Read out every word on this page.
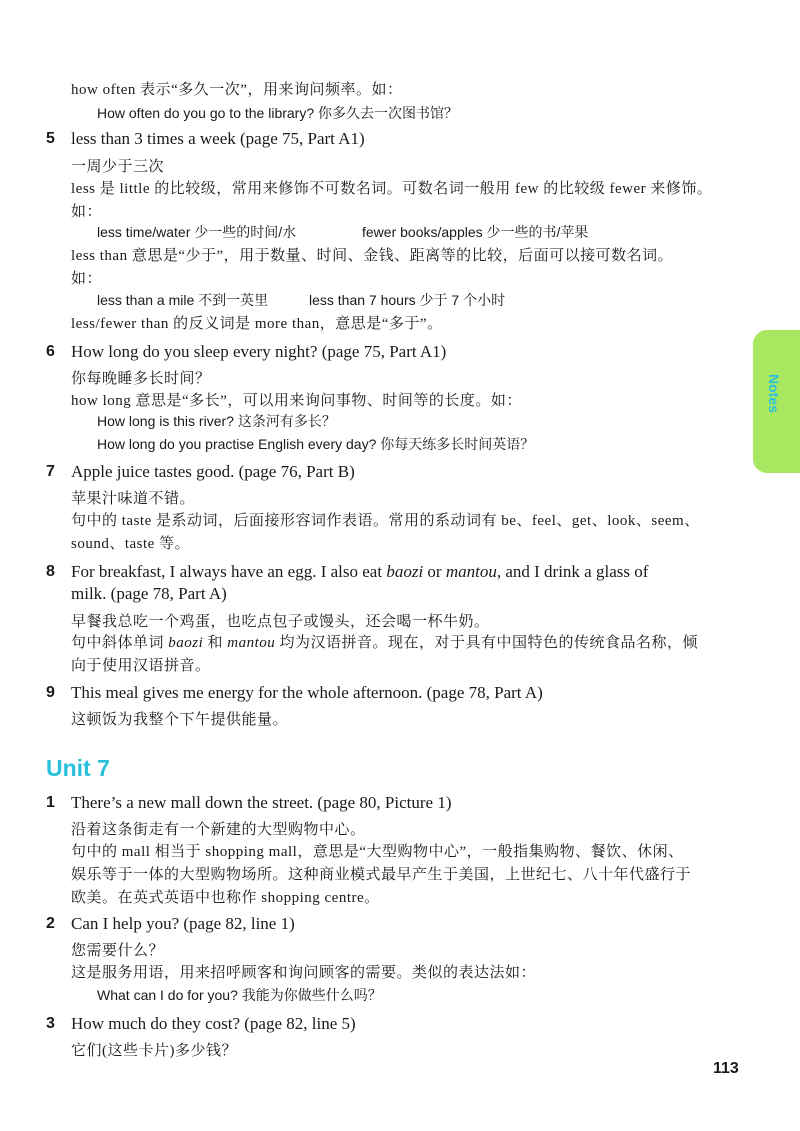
Notes
how often 表示“多久一次”，用来询问频率。如：
How often do you go to the library? 你多久去一次图书馆？
5 less than 3 times a week (page 75, Part A1)
一周少于三次
less 是 little 的比较级，常用来修饰不可数名词。可数名词一般用 few 的比较级 fewer 来修饰。
如：
less time/water 少一些的时间/水	fewer books/apples 少一些的书/苹果
less than 意思是“少于”，用于数量、时间、金钱、距离等的比较，后面可以接可数名词。
如：
less than a mile 不到一英里	less than 7 hours 少于 7 个小时
less/fewer than 的反义词是 more than，意思是“多于”。
6 How long do you sleep every night? (page 75, Part A1)
你每晚睡多长时间？
how long 意思是“多长”，可以用来询问事物、时间等的长度。如：
How long is this river? 这条河有多长？
How long do you practise English every day? 你每天练多长时间英语？
7 Apple juice tastes good. (page 76, Part B)
苹果汁味道不错。
句中的 taste 是系动词，后面接形容词作表语。常用的系动词有 be、feel、get、look、seem、
sound、taste 等。
8 For breakfast, I always have an egg. I also eat baozi or mantou, and I drink a glass of
milk. (page 78, Part A)
早餐我总吃一个鸡蛋，也吃点包子或馒头，还会喝一杯牛奶。
句中斜体单词 baozi 和 mantou 均为汉语拼音。现在，对于具有中国特色的传统食品名称，倾
向于使用汉语拼音。
9 This meal gives me energy for the whole afternoon. (page 78, Part A)
这顿饭为我整个下午提供能量。
Unit 7
1 There’s a new mall down the street. (page 80, Picture 1)
沿着这条街走有一个新建的大型购物中心。
句中的 mall 相当于 shopping mall，意思是“大型购物中心”，一般指集购物、餐饮、休闲、
娱乐等于一体的大型购物场所。这种商业模式最早产生于美国，上世纪七、八十年代盛行于
欧美。在英式英语中也称作 shopping centre。
2 Can I help you? (page 82, line 1)
您需要什么？
这是服务用语，用来招呼顾客和询问顾客的需要。类似的表达法如：
What can I do for you? 我能为你做些什么吗？
3 How much do they cost? (page 82, line 5)
它们(这些卡片)多少钱？
113
